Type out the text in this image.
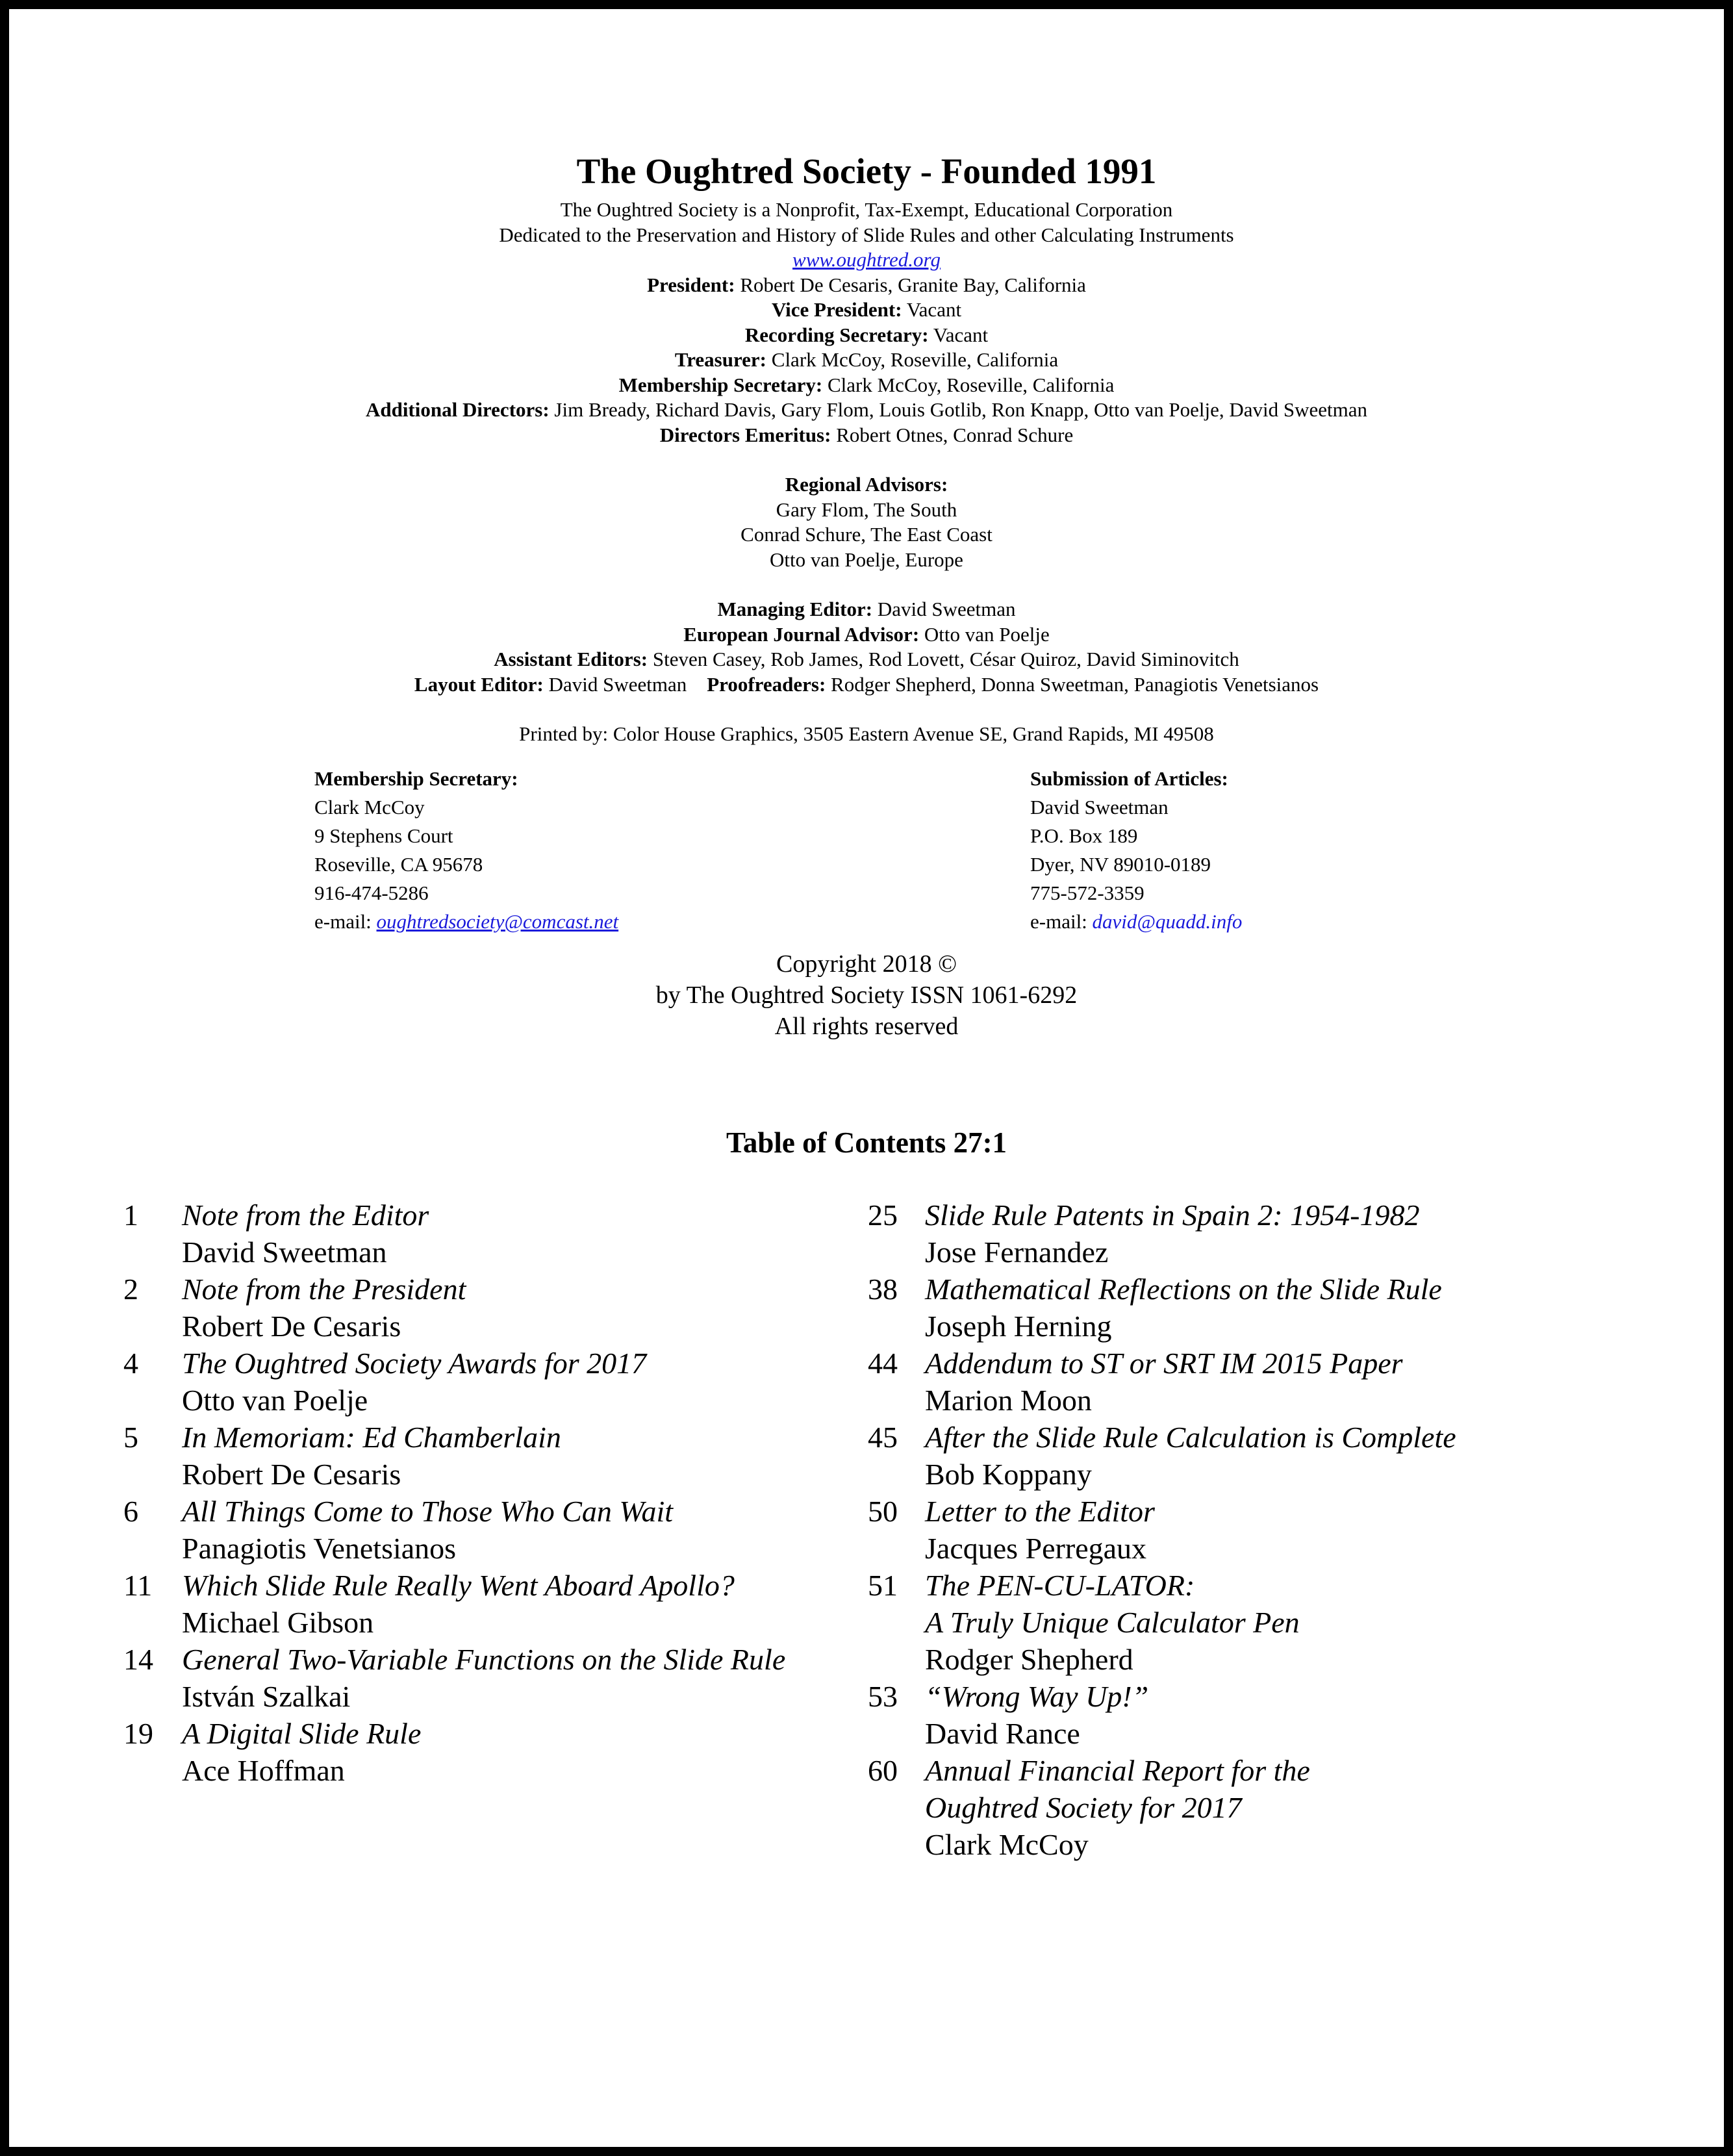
The Oughtred Society - Founded 1991
The Oughtred Society is a Nonprofit, Tax-Exempt, Educational Corporation
Dedicated to the Preservation and History of Slide Rules and other Calculating Instruments
www.oughtred.org
President: Robert De Cesaris, Granite Bay, California
Vice President: Vacant
Recording Secretary: Vacant
Treasurer: Clark McCoy, Roseville, California
Membership Secretary: Clark McCoy, Roseville, California
Additional Directors: Jim Bready, Richard Davis, Gary Flom, Louis Gotlib, Ron Knapp, Otto van Poelje, David Sweetman
Directors Emeritus: Robert Otnes, Conrad Schure
Regional Advisors:
Gary Flom, The South
Conrad Schure, The East Coast
Otto van Poelje, Europe
Managing Editor: David Sweetman
European Journal Advisor: Otto van Poelje
Assistant Editors: Steven Casey, Rob James, Rod Lovett, César Quiroz, David Siminovitch
Layout Editor: David Sweetman Proofreaders: Rodger Shepherd, Donna Sweetman, Panagiotis Venetsianos
Printed by: Color House Graphics, 3505 Eastern Avenue SE, Grand Rapids, MI 49508
Membership Secretary:
Clark McCoy
9 Stephens Court
Roseville, CA 95678
916-474-5286
e-mail: oughtredsociety@comcast.net
Submission of Articles:
David Sweetman
P.O. Box 189
Dyer, NV 89010-0189
775-572-3359
e-mail: david@quadd.info
Copyright 2018 ©
by The Oughtred Society ISSN 1061-6292
All rights reserved
Table of Contents 27:1
1 Note from the Editor
David Sweetman
2 Note from the President
Robert De Cesaris
4 The Oughtred Society Awards for 2017
Otto van Poelje
5 In Memoriam: Ed Chamberlain
Robert De Cesaris
6 All Things Come to Those Who Can Wait
Panagiotis Venetsianos
11 Which Slide Rule Really Went Aboard Apollo?
Michael Gibson
14 General Two-Variable Functions on the Slide Rule
István Szalkai
19 A Digital Slide Rule
Ace Hoffman
25 Slide Rule Patents in Spain 2: 1954-1982
Jose Fernandez
38 Mathematical Reflections on the Slide Rule
Joseph Herning
44 Addendum to ST or SRT IM 2015 Paper
Marion Moon
45 After the Slide Rule Calculation is Complete
Bob Koppany
50 Letter to the Editor
Jacques Perregaux
51 The PEN-CU-LATOR:
A Truly Unique Calculator Pen
Rodger Shepherd
53 “Wrong Way Up!”
David Rance
60 Annual Financial Report for the
Oughtred Society for 2017
Clark McCoy
